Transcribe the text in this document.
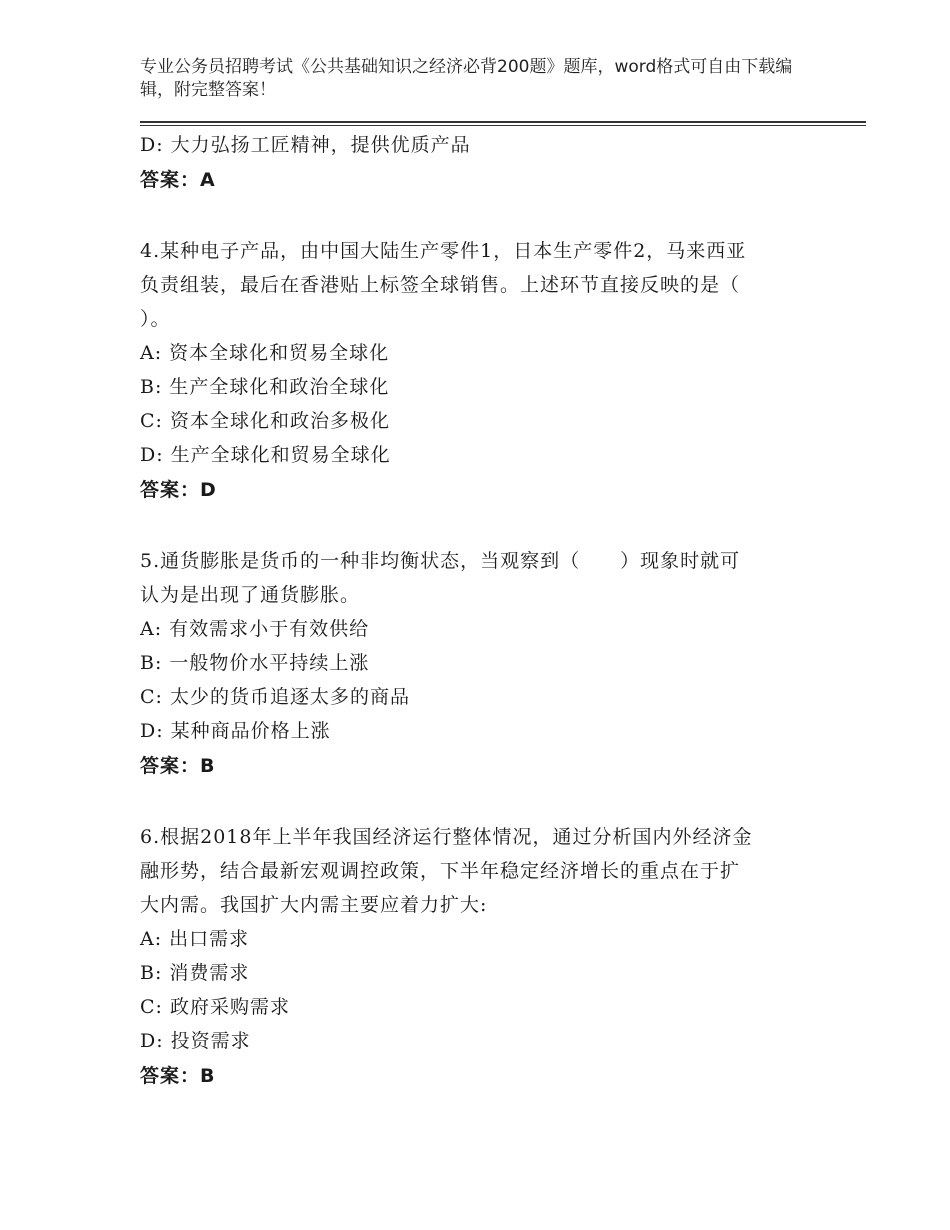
专业公务员招聘考试《公共基础知识之经济必背200题》题库，word格式可自由下载编辑，附完整答案！
D: 大力弘扬工匠精神，提供优质产品
答案：A
4.某种电子产品，由中国大陆生产零件1，日本生产零件2，马来西亚
负责组装，最后在香港贴上标签全球销售。上述环节直接反映的是（
）。
A: 资本全球化和贸易全球化
B: 生产全球化和政治全球化
C: 资本全球化和政治多极化
D: 生产全球化和贸易全球化
答案：D
5.通货膨胀是货币的一种非均衡状态，当观察到（　　）现象时就可
认为是出现了通货膨胀。
A: 有效需求小于有效供给
B: 一般物价水平持续上涨
C: 太少的货币追逐太多的商品
D: 某种商品价格上涨
答案：B
6.根据2018年上半年我国经济运行整体情况，通过分析国内外经济金
融形势，结合最新宏观调控政策，下半年稳定经济增长的重点在于扩
大内需。我国扩大内需主要应着力扩大:
A: 出口需求
B: 消费需求
C: 政府采购需求
D: 投资需求
答案：B
